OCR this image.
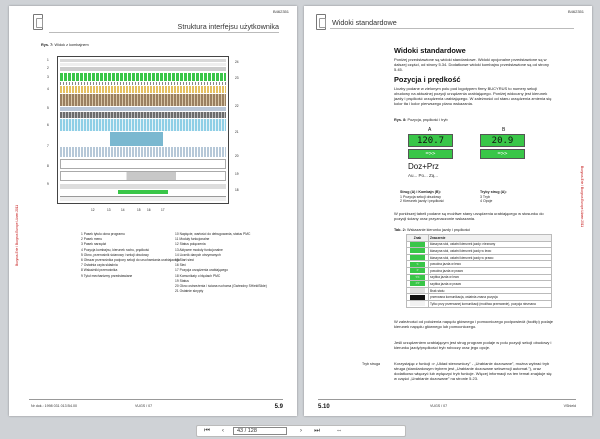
B462351
Struktura interfejsu użytkownika
Bucyrus-Erie / Bucyrus Europe Lünen 2011
Rys. 7: Widok z kombajnem
1
2
3
4
5
6
7
8
9
24
23
22
21
20
19
18
12	13	14	15 16	17
1 Pasek tytułu okna programu
2 Pasek menu
3 Pasek narzędzi
4 Pozycja kombajnu, kierunek ruchu, prędkość
5 Okno, przenośnik ścianowy i sekcji obudowy
6 Obszar przenośnika podpory sekcji do uruchamiania urabiajacego
7 Ostatnia czyta składnia
8 Wskaźniki przenośnika
9 Tytuł mechanizmy przedstawiane
10 Napięcie, wartości do debugowania, status PMC
11 Moduły funkcjonalne
12 Status połączenia
13 Aktywne moduły funkcjonalne
14 Licznik danych otrzymanych
15 Start sieci
16 Sieć
17 Pozycja urządzenia urabiającego
18 Komunikaty o błędach PMC
19 Status
20 Okno ostrzeżenia / ściana ruchoma (Gwiezdny SHieldSlide)
21 Ostatnie skrypty
Nr dok.: 1998 031 013 B4.00	VUGS / 07	5.9
B462351
Widoki standardowe
Bucyrus-Erie / Bucyrus Europe Lünen 2011
Widoki standardowe
Poniżej przedstawione są widoki standardowe. Widoki opcjonalne przedstawione są w dalszej części, od strony 5.34. Dodatkowe widoki kombajnu przedstawione są od strony 5.45.
Pozycja i prędkość
Liczby podane w zielonym polu pod logotypem firmy BUCYRUS to numery sekcji obudowy na aktualnej pozycji urządzenia urabiającego. Poniżej widoczny jest kierunek jazdy i prędkość urządzenia urabiającego. W zależności od stanu urządzenia zmienia się kolor tła i kolor pierwszego planu wskazania.
Rys. 8: Pozycja, prędkość i tryb
A	B
120.7	20.9
=>>	=>>
Doz+Prz
Au... Po... Zą...
Strug (A) i Kombajn (B):
1 Pozycja sekcji obudowy
2 Kierunek jazdy i prędkość
Tryby strug (A):
3 Tryb
4 Opcje
W poniższej tabeli podane są możliwe stany urządzenia urabiającego w stosunku do pozycji ściany oraz przyznaczonie wskazania.
Tab. 2: Wskazanie kierunku jazdy i prędkości
Znak	Znaczenie

	klaszyna stoi, ostatni kierunek jazdy: nieznany

	klaszyna stoi, ostatni kierunek jazdy w lewo

	klaszyna stoi, ostatni kierunek jazdy w prawo

<	powolna jazda w lewo

>	powolna jazda w prawo

<<	szybka jazda w lewo

>>	szybka jazda w prawo

	Brak statu

	przerwana komunikacja, ostatnia znana pozycja

	Tylko przy przerwanej komunikacji (możliwa przerwanie), pozycja nieznana
W zależności od położenia napędu głównego i pomocniczego podpowiedź (tooltip) podaje kierunek napędu głównego lub pomocniczego.
Jeśli urządzeniem urabiającym jest strug program podaje w polu pozycji sekcji obudowy i kierunku jazdy/prędkości tryb roboczy oraz jego opcje.
Tryb struga	Korzystając z funkcji ⇒ „Układ sterowniczy” - „Urabianie dozowane”, można wybrać tryb struga (standardowym trybem jest „Urabianie dozowane sekwencji automat.”), oraz dodatkowo włączyć lub wyłączyć tryb funkcje. Więcej informacji na ten temat znajduje się w części „Urabianie dozowane” na stronie 5.23.
5.10	VUGS / 07	VShield
⏮	‹	43 / 128	›	⏭	⇔
